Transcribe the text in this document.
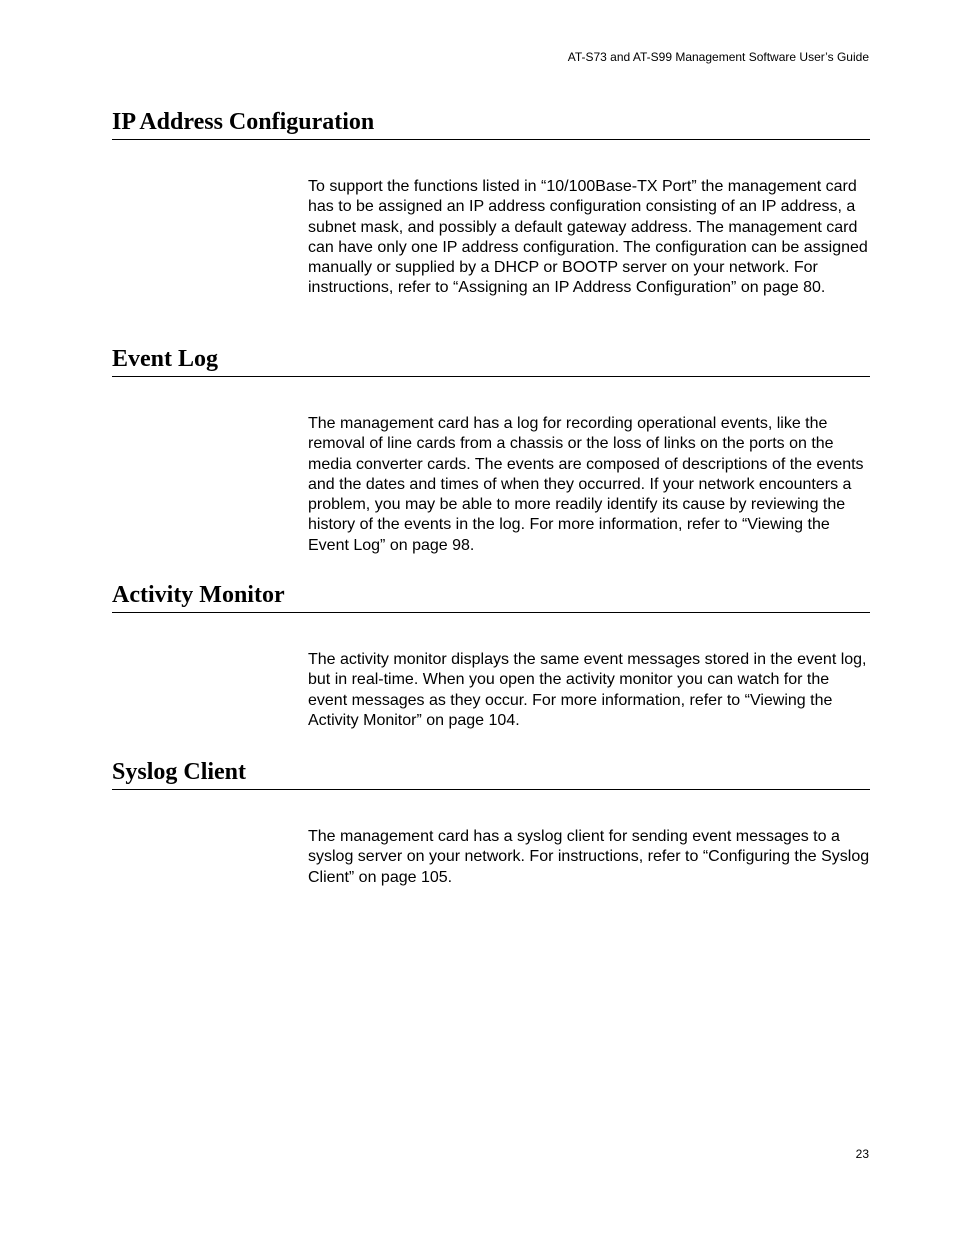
AT-S73 and AT-S99 Management Software User’s Guide
IP Address Configuration

To support the functions listed in “10/100Base-TX Port” the management card has to be assigned an IP address configuration consisting of an IP address, a subnet mask, and possibly a default gateway address. The management card can have only one IP address configuration. The configuration can be assigned manually or supplied by a DHCP or BOOTP server on your network. For instructions, refer to “Assigning an IP Address Configuration” on page 80.

Event Log

The management card has a log for recording operational events, like the removal of line cards from a chassis or the loss of links on the ports on the media converter cards. The events are composed of descriptions of the events and the dates and times of when they occurred. If your network encounters a problem, you may be able to more readily identify its cause by reviewing the history of the events in the log. For more information, refer to “Viewing the Event Log” on page 98.

Activity Monitor

The activity monitor displays the same event messages stored in the event log, but in real-time. When you open the activity monitor you can watch for the event messages as they occur. For more information, refer to “Viewing the Activity Monitor” on page 104.

Syslog Client

The management card has a syslog client for sending event messages to a syslog server on your network. For instructions, refer to “Configuring the Syslog Client” on page 105.

23
